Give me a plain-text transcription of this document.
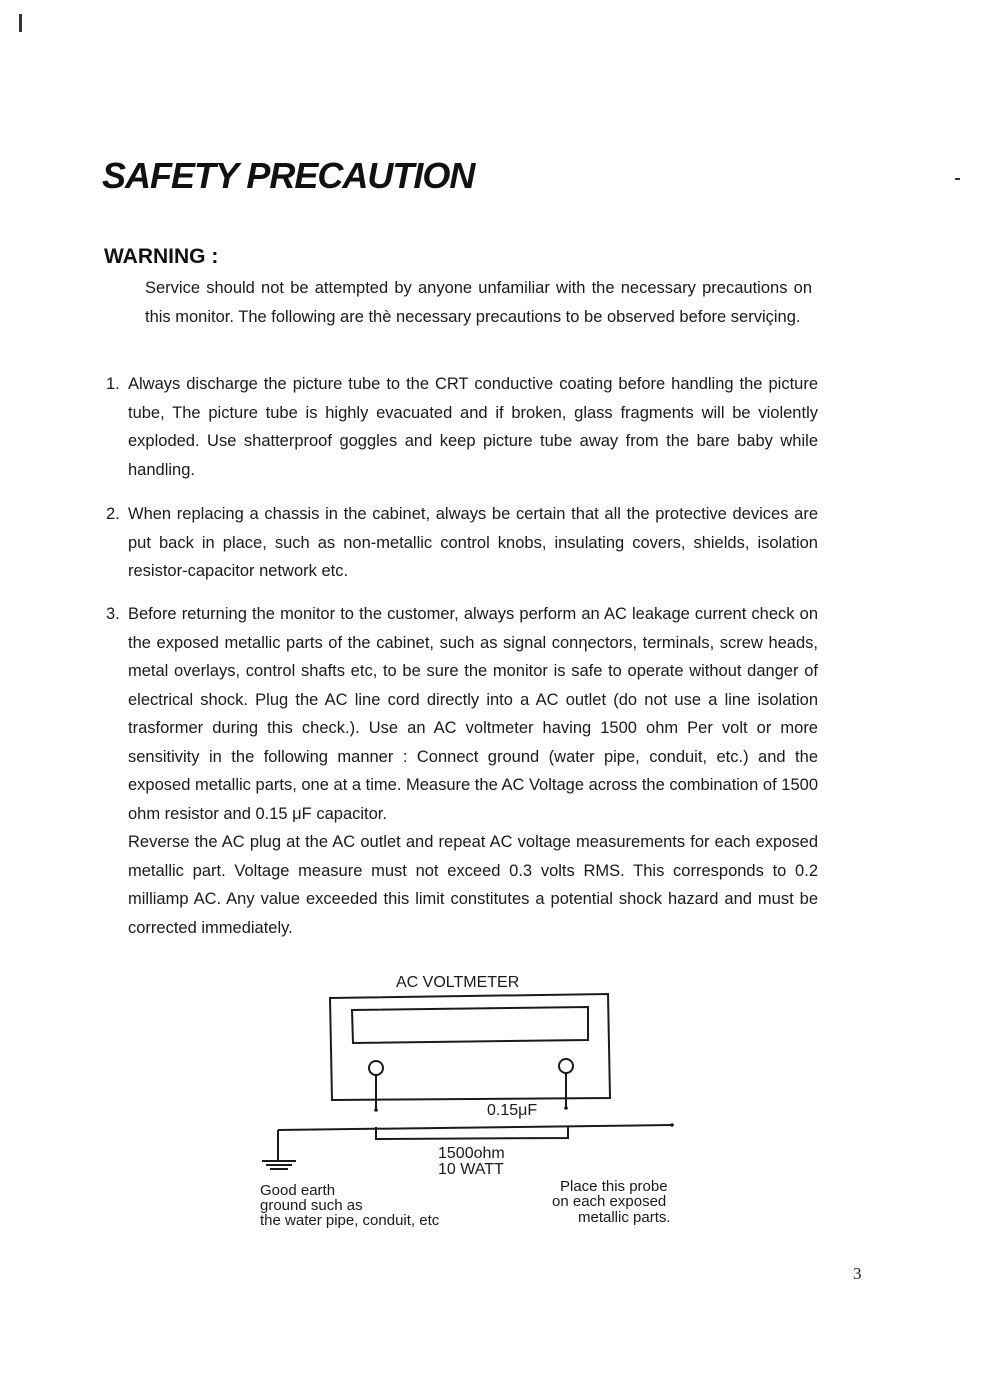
SAFETY PRECAUTION
WARNING :

Service should not be attempted by anyone unfamiliar with the necessary precautions on this monitor. The following are thè necessary precautions to be observed before serviçing.

1. Always discharge the picture tube to the CRT conductive coating before handling the picture tube, The picture tube is highly evacuated and if broken, glass fragments will be violently exploded. Use shatterproof goggles and keep picture tube away from the bare baby while handling.
2. When replacing a chassis in the cabinet, always be certain that all the protective devices are put back in place, such as non-metallic control knobs, insulating covers, shields, isolation resistor-capacitor network etc.
3. Before returning the monitor to the customer, always perform an AC leakage current check on the exposed metallic parts of the cabinet, such as signal conηectors, terminals, screw heads, metal overlays, control shafts etc, to be sure the monitor is safe to operate without danger of electrical shock. Plug the AC line cord directly into a AC outlet (do not use a line isolation trasformer during this check.). Use an AC voltmeter having 1500 ohm Per volt or more sensitivity in the following manner : Connect ground (water pipe, conduit, etc.) and the exposed metallic parts, one at a time. Measure the AC Voltage across the combination of 1500 ohm resistor and 0.15 μF capacitor.
Reverse the AC plug at the AC outlet and repeat AC voltage measurements for each exposed metallic part. Voltage measure must not exceed 0.3 volts RMS. This corresponds to 0.2 milliamp AC. Any value exceeded this limit constitutes a potential shock hazard and must be corrected immediately.
AC VOLTMETER
0.15μF
1500ohm
10 WATT
Good earth
ground such as
the water pipe, conduit, etc
Place this probe
on each exposed
metallic parts.
3
